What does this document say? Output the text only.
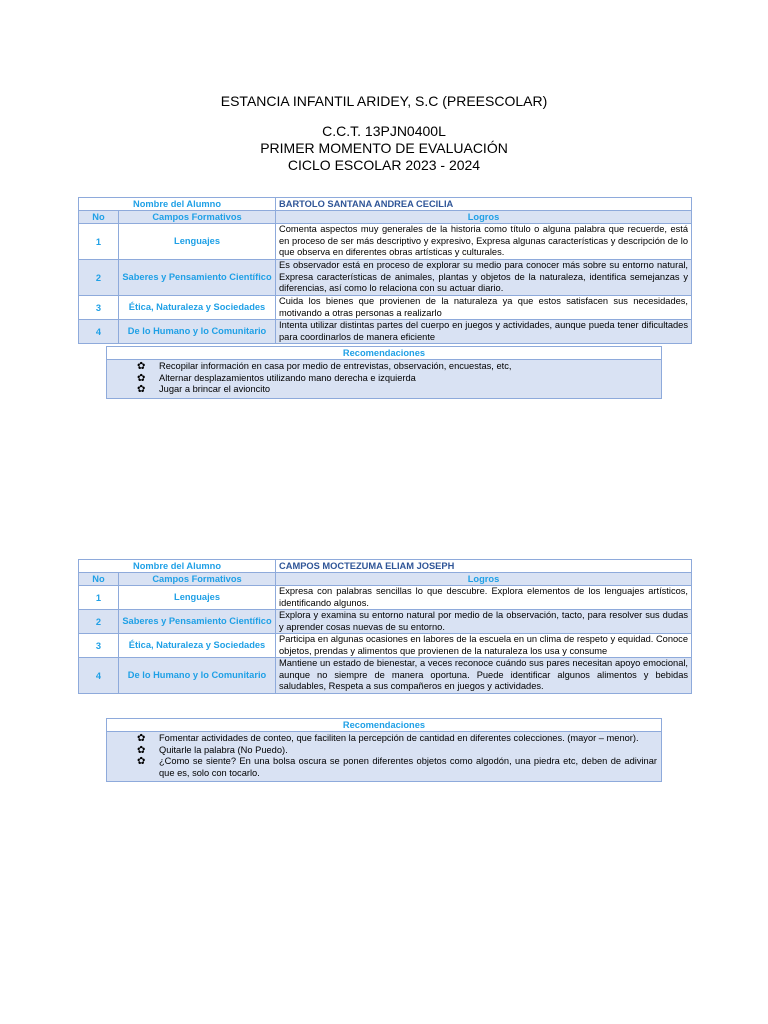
ESTANCIA INFANTIL ARIDEY, S.C (PREESCOLAR)
C.C.T. 13PJN0400L
PRIMER MOMENTO DE EVALUACIÓN
CICLO ESCOLAR 2023 - 2024
Nombre del Alumno		BARTOLO SANTANA ANDREA CECILIA
No	Campos Formativos	Logros
1	Lenguajes	Comenta aspectos muy generales de la historia como título o alguna palabra que recuerde, está en proceso de ser más descriptivo y expresivo, Expresa algunas características y descripción de lo que observa en diferentes obras artísticas y culturales.
2	Saberes y Pensamiento Científico	Es observador está en proceso de explorar su medio para conocer más sobre su entorno natural, Expresa características de animales, plantas y objetos de la naturaleza, identifica semejanzas y diferencias, así como lo relaciona con su actuar diario.
3	Ética, Naturaleza y Sociedades	Cuida los bienes que provienen de la naturaleza ya que estos satisfacen sus necesidades, motivando a otras personas a realizarlo
4	De lo Humano y lo Comunitario	Intenta utilizar distintas partes del cuerpo en juegos y actividades, aunque pueda tener dificultades para coordinarlos de manera eficiente
Recomendaciones
✿ Recopilar información en casa por medio de entrevistas, observación, encuestas, etc,
✿ Alternar desplazamientos utilizando mano derecha e izquierda
✿ Jugar a brincar el avioncito
Nombre del Alumno		CAMPOS MOCTEZUMA ELIAM JOSEPH
No	Campos Formativos	Logros
1	Lenguajes	Expresa con palabras sencillas lo que descubre. Explora elementos de los lenguajes artísticos, identificando algunos.
2	Saberes y Pensamiento Científico	Explora y examina su entorno natural por medio de la observación, tacto, para resolver sus dudas y aprender cosas nuevas de su entorno.
3	Ética, Naturaleza y Sociedades	Participa en algunas ocasiones en labores de la escuela en un clima de respeto y equidad. Conoce objetos, prendas y alimentos que provienen de la naturaleza los usa y consume
4	De lo Humano y lo Comunitario	Mantiene un estado de bienestar, a veces reconoce cuándo sus pares necesitan apoyo emocional, aunque no siempre de manera oportuna. Puede identificar algunos alimentos y bebidas saludables, Respeta a sus compañeros en juegos y actividades.
Recomendaciones
✿ Fomentar actividades de conteo, que faciliten la percepción de cantidad en diferentes colecciones. (mayor – menor).
✿ Quitarle la palabra (No Puedo).
✿ ¿Como se siente? En una bolsa oscura se ponen diferentes objetos como algodón, una piedra etc, deben de adivinar que es, solo con tocarlo.
